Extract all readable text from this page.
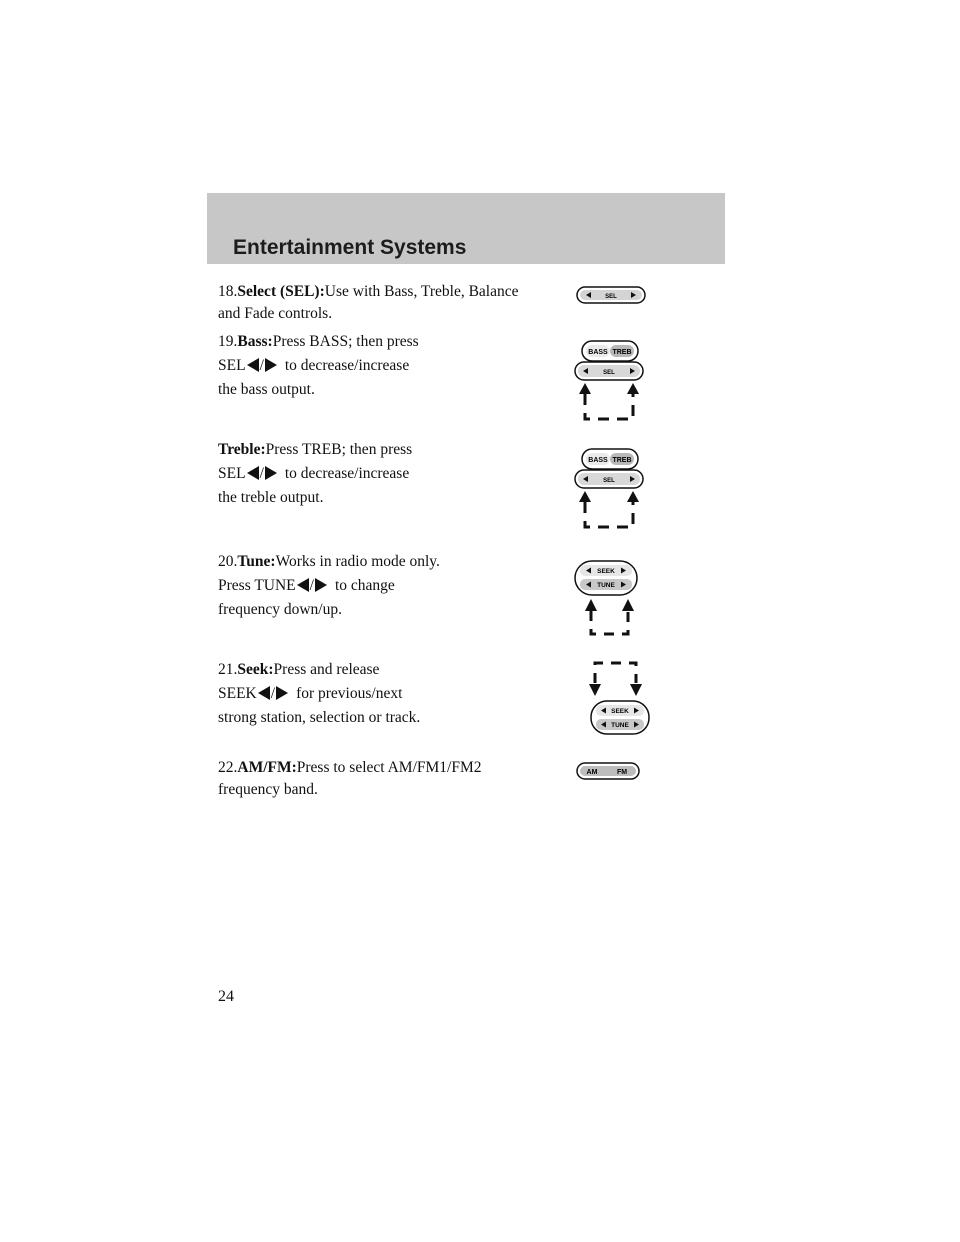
Entertainment Systems
18.Select (SEL):Use with Bass, Treble, Balance and Fade controls.
19.Bass:Press BASS; then press
SEL / to decrease/increase
the bass output.
Treble:Press TREB; then press
SEL / to decrease/increase
the treble output.
20.Tune:Works in radio mode only.
Press TUNE / to change
frequency down/up.
21.Seek:Press and release
SEEK / for previous/next
strong station, selection or track.
22.AM/FM:Press to select AM/FM1/FM2 frequency band.
SEL
BASS TREB
SEL
BASS TREB
SEL
SEEK
TUNE
SEEK
TUNE
AM	FM
24
